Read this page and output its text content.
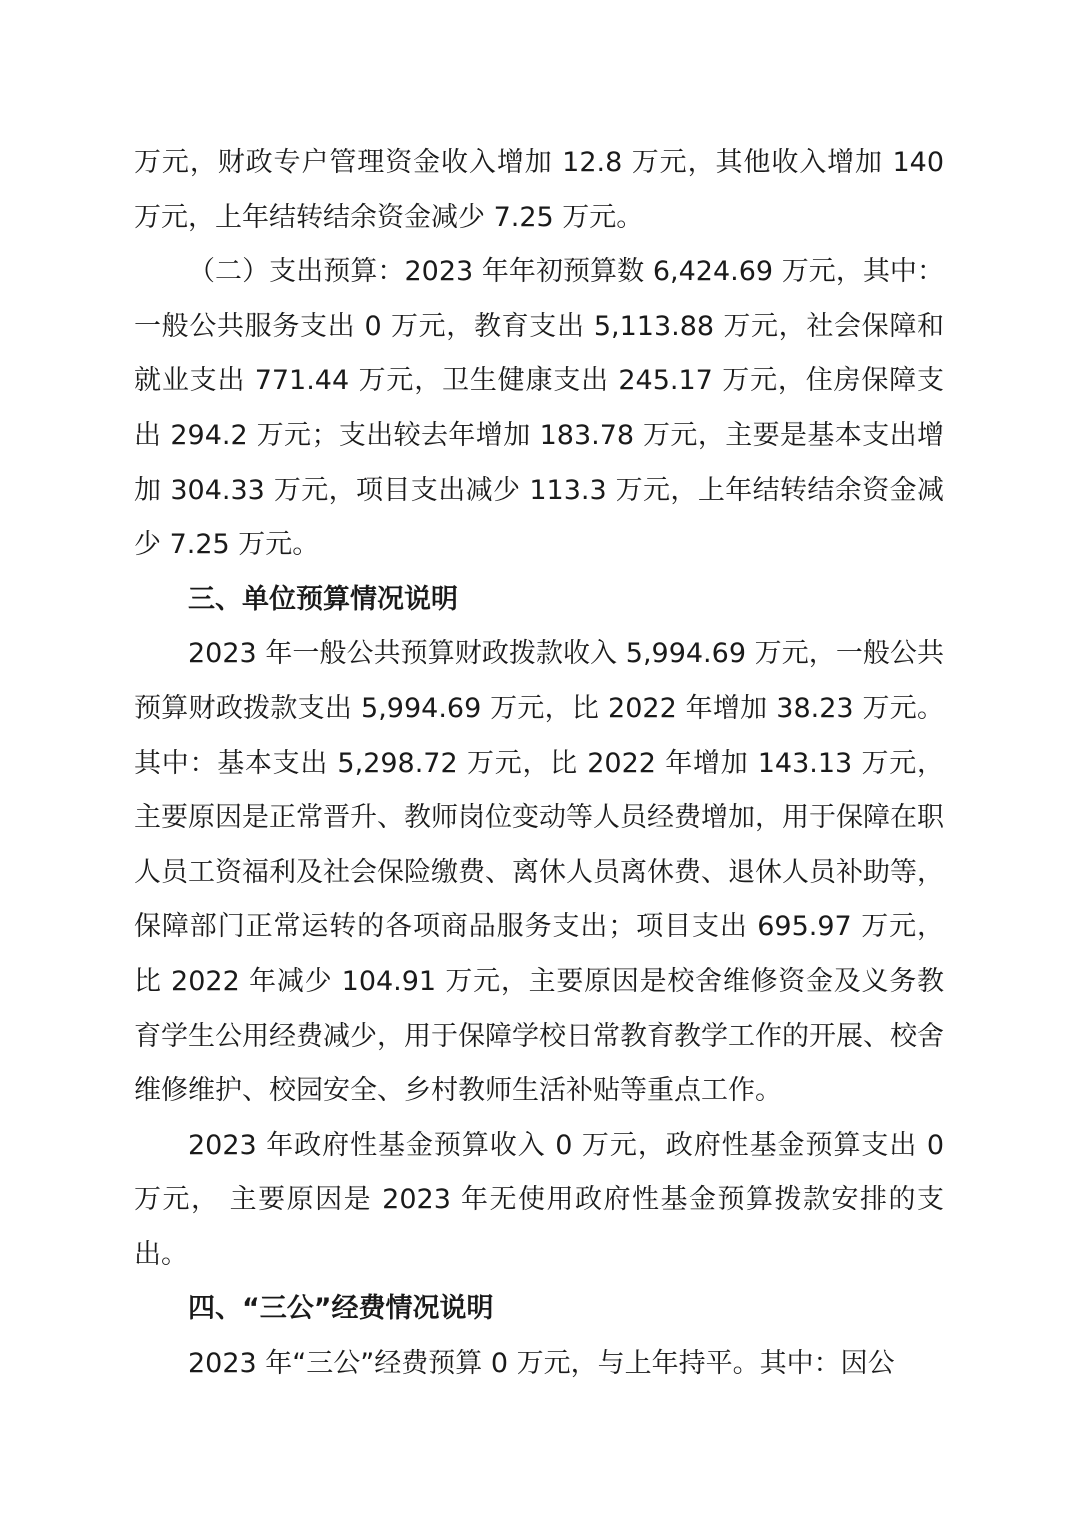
万元，财政专户管理资金收入增加 12.8 万元，其他收入增加 140 万元，上年结转结余资金减少 7.25 万元。

（二）支出预算：2023 年年初预算数 6,424.69 万元，其中：一般公共服务支出 0 万元，教育支出 5,113.88 万元，社会保障和就业支出 771.44 万元，卫生健康支出 245.17 万元，住房保障支出 294.2 万元；支出较去年增加 183.78 万元，主要是基本支出增加 304.33 万元，项目支出减少 113.3 万元，上年结转结余资金减少 7.25 万元。

三、单位预算情况说明

2023 年一般公共预算财政拨款收入 5,994.69 万元，一般公共预算财政拨款支出 5,994.69 万元，比 2022 年增加 38.23 万元。其中：基本支出 5,298.72 万元，比 2022 年增加 143.13 万元，主要原因是正常晋升、教师岗位变动等人员经费增加，用于保障在职人员工资福利及社会保险缴费、离休人员离休费、退休人员补助等，保障部门正常运转的各项商品服务支出；项目支出 695.97 万元，比 2022 年减少 104.91 万元，主要原因是校舍维修资金及义务教育学生公用经费减少，用于保障学校日常教育教学工作的开展、校舍维修维护、校园安全、乡村教师生活补贴等重点工作。

2023 年政府性基金预算收入 0 万元，政府性基金预算支出 0 万元， 主要原因是 2023 年无使用政府性基金预算拨款安排的支出。

四、“三公”经费情况说明

2023 年“三公”经费预算 0 万元，与上年持平。其中：因公
